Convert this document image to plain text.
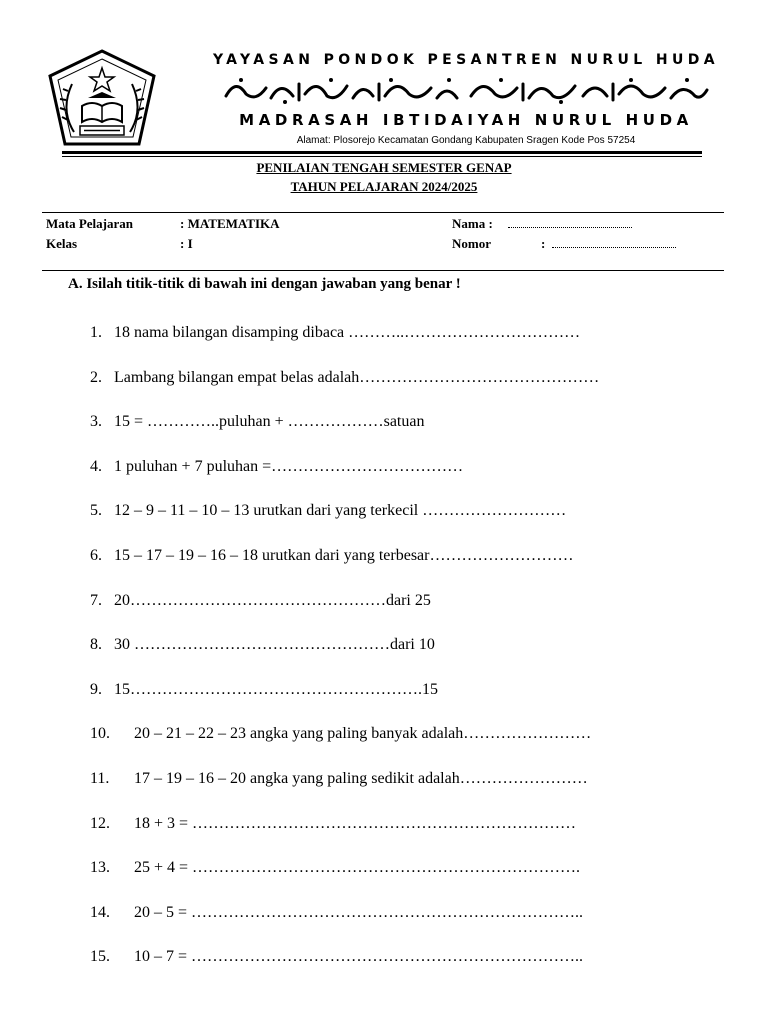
YAYASAN PONDOK PESANTREN NURUL HUDA
MADRASAH IBTIDAIYAH NURUL HUDA
Alamat: Plosorejo Kecamatan Gondang Kabupaten Sragen Kode Pos 57254
PENILAIAN TENGAH SEMESTER GENAP
TAHUN PELAJARAN 2024/2025
Mata Pelajaran	: MATEMATIKA
Kelas	: I
Nama :
Nomor	:
A. Isilah titik-titik di bawah ini dengan jawaban yang benar !
1. 18 nama bilangan disamping dibaca ………..……………………………
2. Lambang bilangan empat belas adalah………………………………………
3. 15 = …………..puluhan + ………………satuan
4. 1 puluhan + 7 puluhan =………………………………
5. 12 – 9 – 11 – 10 – 13 urutkan dari yang terkecil ………………………
6. 15 – 17 – 19 – 16 – 18 urutkan dari yang terbesar………………………
7. 20…………………………………………dari 25
8. 30 …………………………………………dari 10
9. 15……………………………………………….15
10. 20 – 21 – 22 – 23 angka yang paling banyak adalah……………………
11. 17 – 19 – 16 – 20 angka yang paling sedikit adalah……………………
12. 18 + 3 = ………………………………………………………………
13. 25 + 4 = ……………………………………………………………….
14. 20 – 5 = ………………………………………………………………..
15. 10 – 7 = ………………………………………………………………..
